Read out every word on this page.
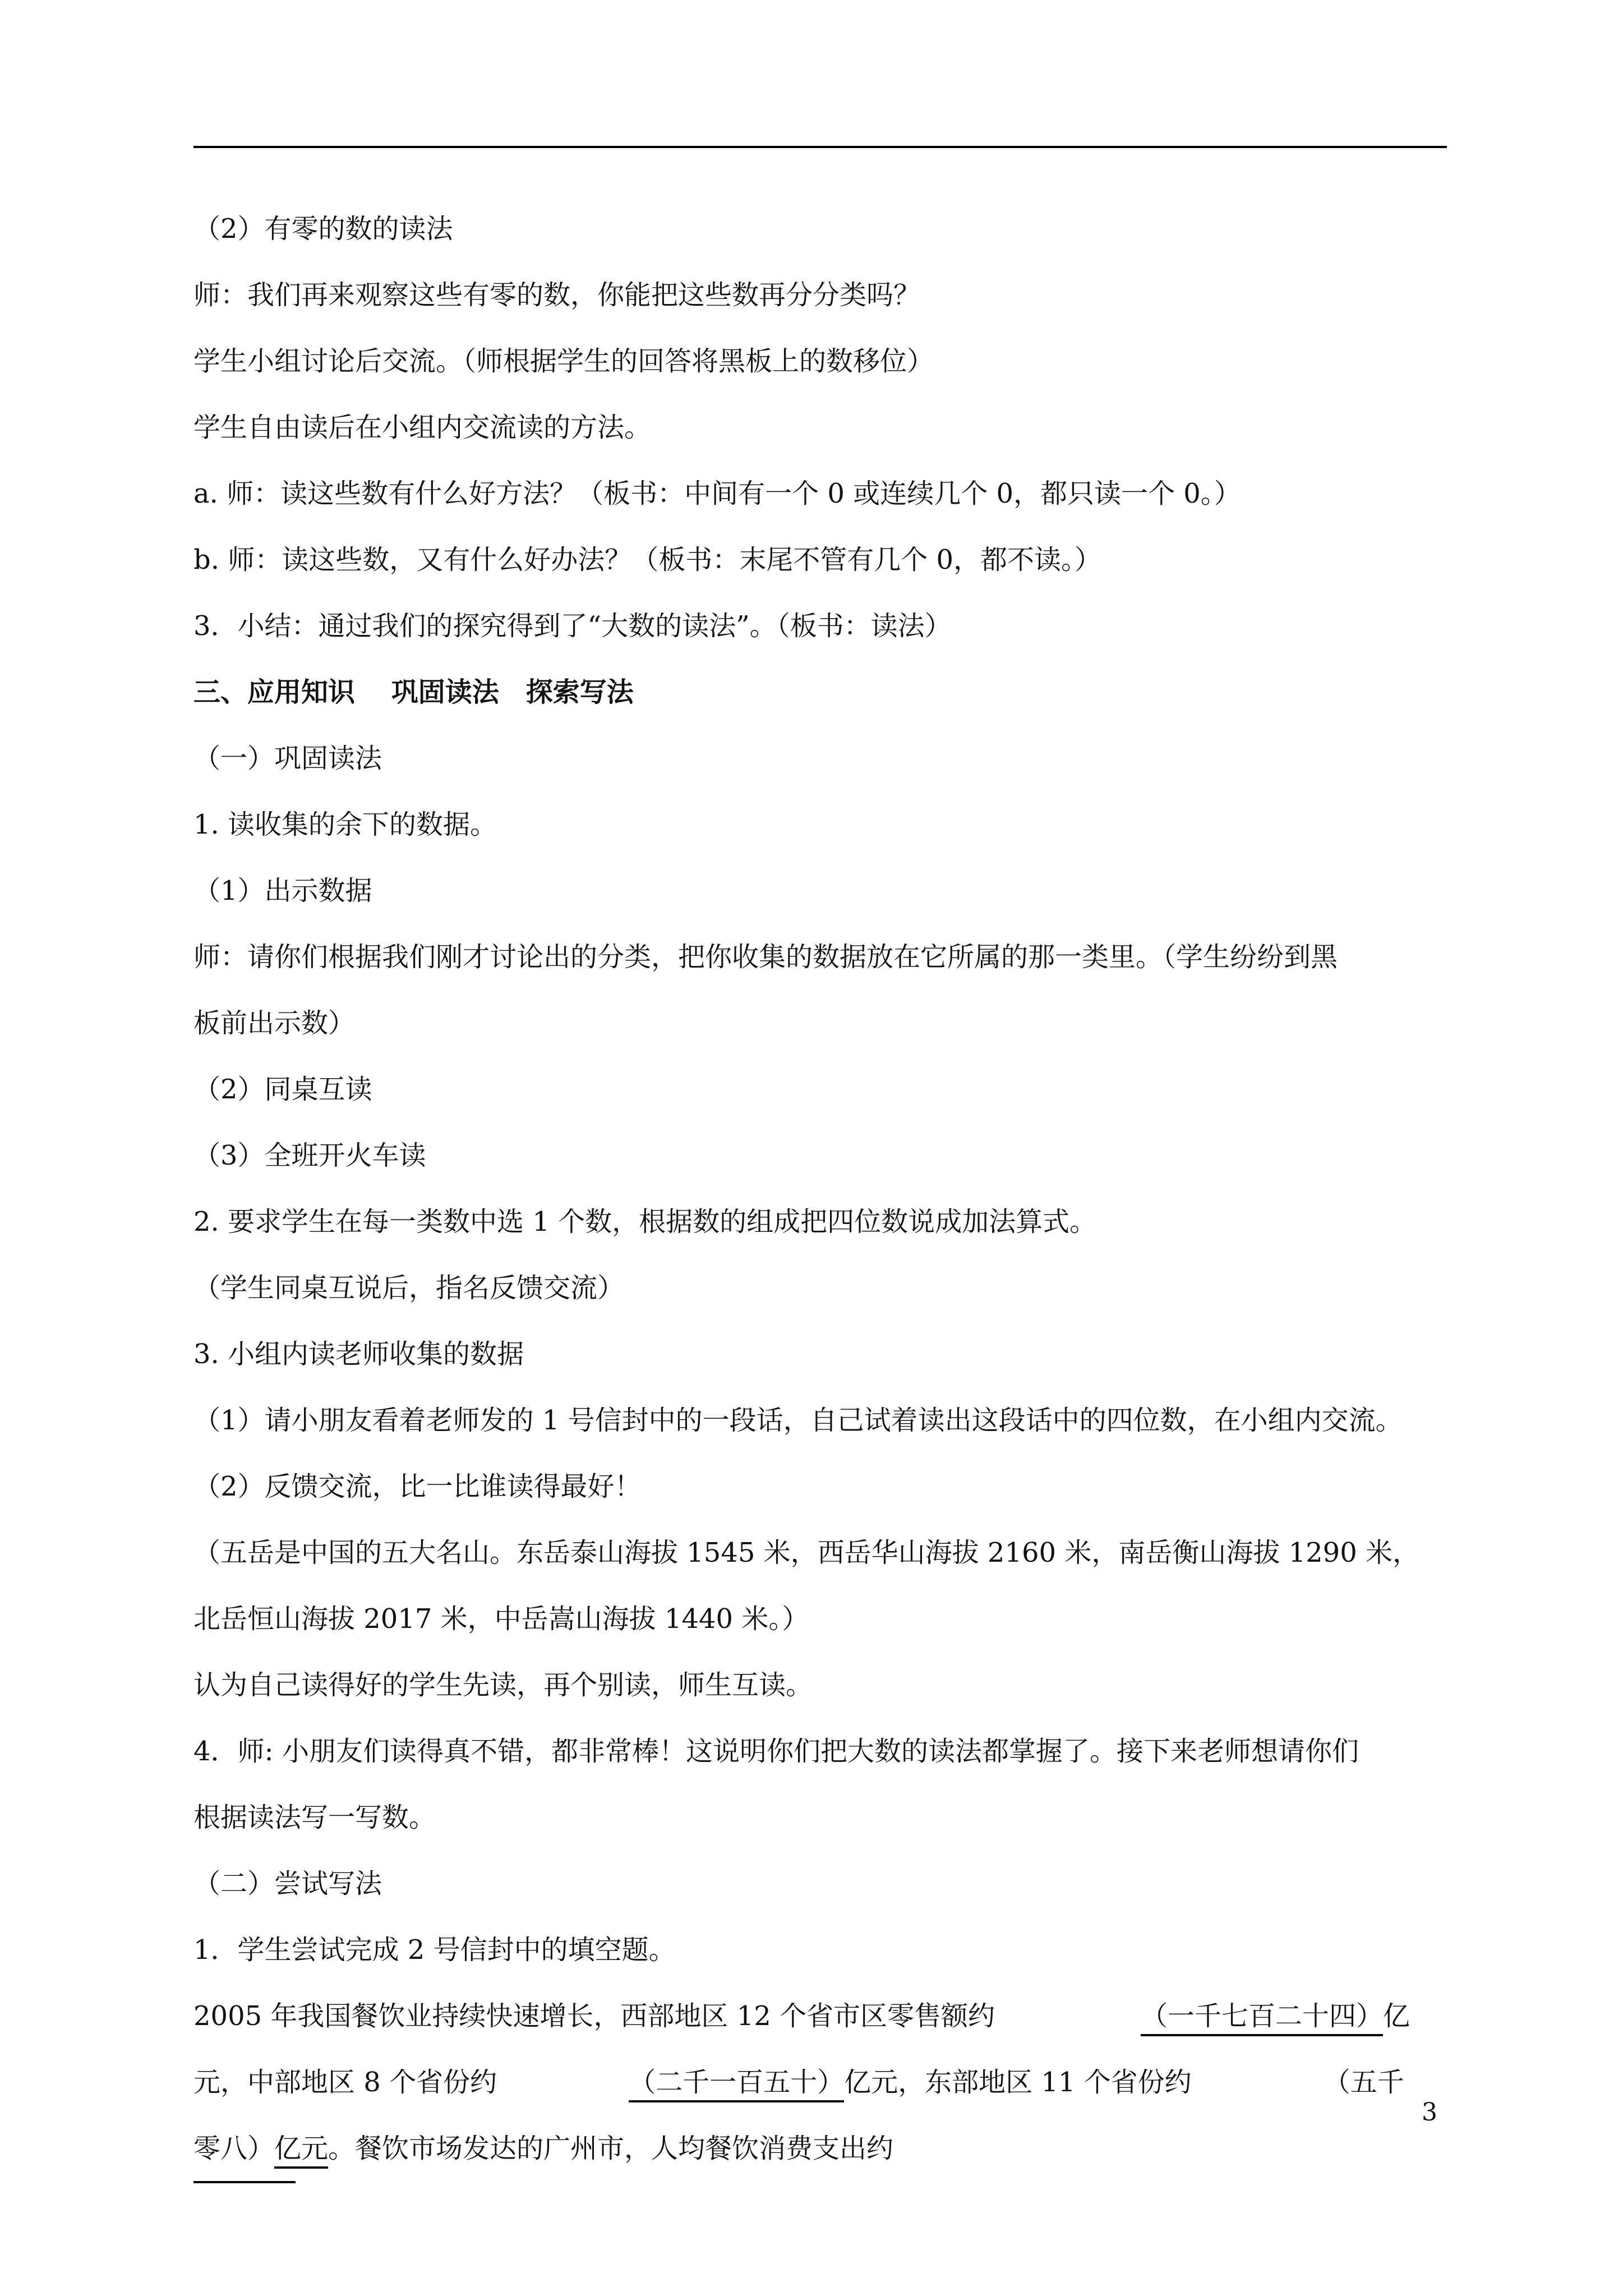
（2）有零的数的读法
师：我们再来观察这些有零的数，你能把这些数再分分类吗？
学生小组讨论后交流。（师根据学生的回答将黑板上的数移位）
学生自由读后在小组内交流读的方法。
a. 师：读这些数有什么好方法？（板书：中间有一个 0 或连续几个 0，都只读一个 0。）
b. 师：读这些数，又有什么好办法？（板书：末尾不管有几个 0，都不读。）
3．小结：通过我们的探究得到了“大数的读法”。（板书：读法）
三、应用知识　 巩固读法　探索写法
（一）巩固读法
1. 读收集的余下的数据。
（1）出示数据
师：请你们根据我们刚才讨论出的分类，把你收集的数据放在它所属的那一类里。（学生纷纷到黑
板前出示数）
（2）同桌互读
（3）全班开火车读
2. 要求学生在每一类数中选 1 个数，根据数的组成把四位数说成加法算式。
（学生同桌互说后，指名反馈交流）
3. 小组内读老师收集的数据
（1）请小朋友看着老师发的 1 号信封中的一段话，自己试着读出这段话中的四位数，在小组内交流。
（2）反馈交流，比一比谁读得最好！
（五岳是中国的五大名山。东岳泰山海拔 1545 米，西岳华山海拔 2160 米，南岳衡山海拔 1290 米，
北岳恒山海拔 2017 米，中岳嵩山海拔 1440 米。）
认为自己读得好的学生先读，再个别读，师生互读。
4．师: 小朋友们读得真不错，都非常棒！这说明你们把大数的读法都掌握了。接下来老师想请你们
根据读法写一写数。
（二）尝试写法
1．学生尝试完成 2 号信封中的填空题。
2005 年我国餐饮业持续快速增长，西部地区 12 个省市区零售额约	（一千七百二十四）亿
元，中部地区 8 个省份约	（二千一百五十）亿元，东部地区 11 个省份约	（五千
零八）亿元。餐饮市场发达的广州市，人均餐饮消费支出约
3
